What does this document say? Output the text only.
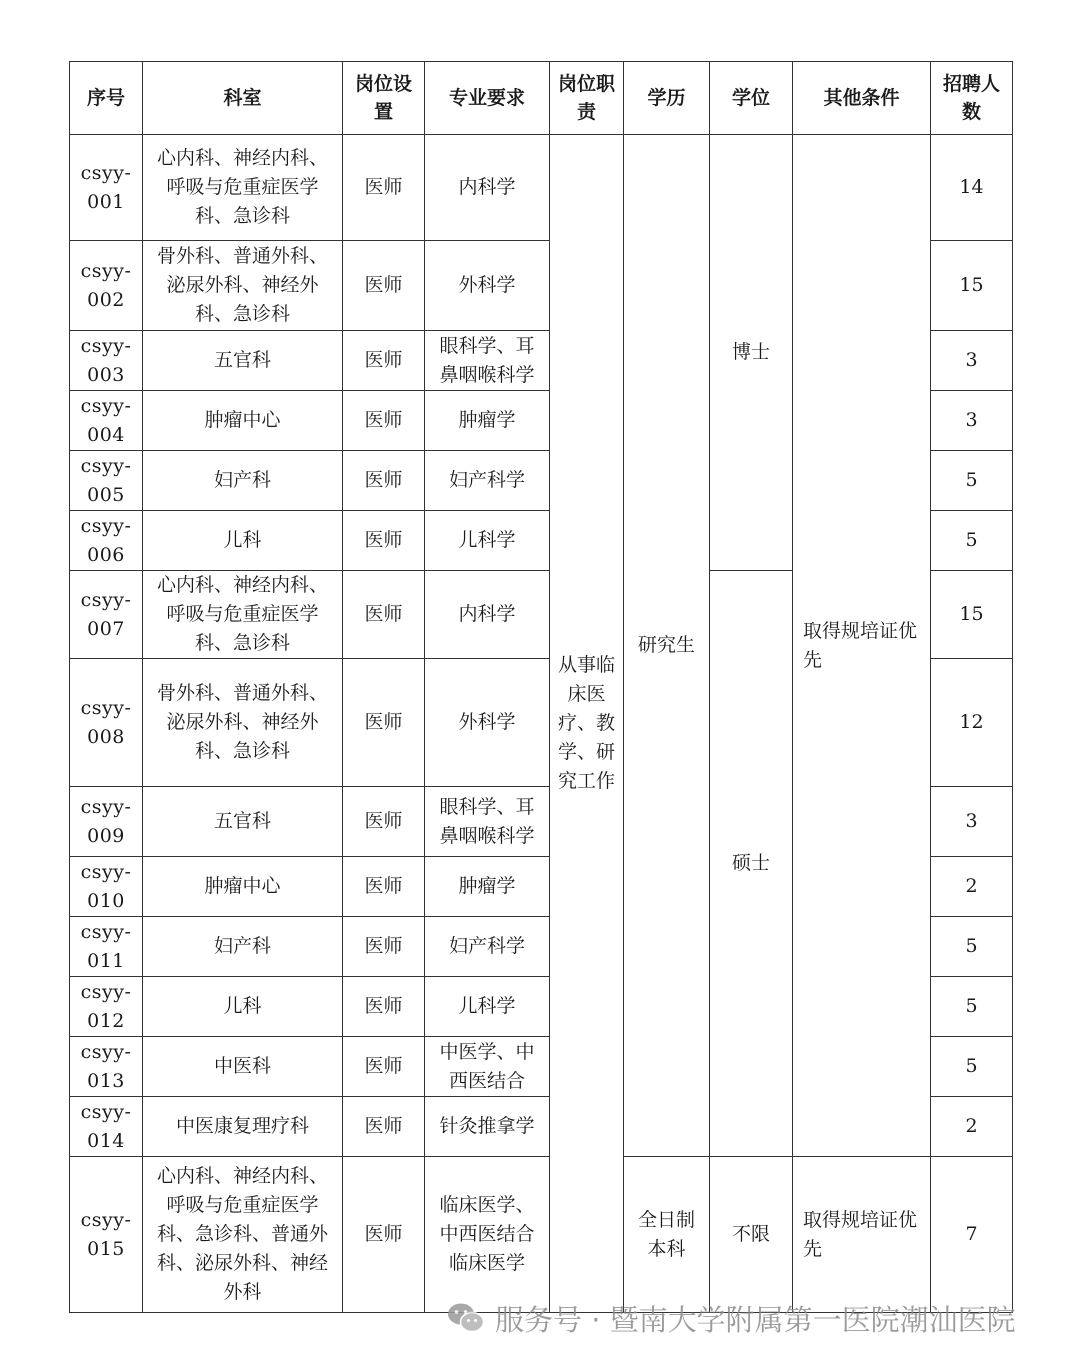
序号	科室	岗位设置	专业要求	岗位职责	学历	学位	其他条件	招聘人数
csyy-001	心内科、神经内科、呼吸与危重症医学科、急诊科	医师	内科学	从事临床医疗、教学、研究工作	研究生	博士	取得规培证优先	14
csyy-002	骨外科、普通外科、泌尿外科、神经外科、急诊科	医师	外科学					15
csyy-003	五官科	医师	眼科学、耳鼻咽喉科学					3
csyy-004	肿瘤中心	医师	肿瘤学					3
csyy-005	妇产科	医师	妇产科学					5
csyy-006	儿科	医师	儿科学					5
csyy-007	心内科、神经内科、呼吸与危重症医学科、急诊科	医师	内科学			硕士		15
csyy-008	骨外科、普通外科、泌尿外科、神经外科、急诊科	医师	外科学					12
csyy-009	五官科	医师	眼科学、耳鼻咽喉科学					3
csyy-010	肿瘤中心	医师	肿瘤学					2
csyy-011	妇产科	医师	妇产科学					5
csyy-012	儿科	医师	儿科学					5
csyy-013	中医科	医师	中医学、中西医结合					5
csyy-014	中医康复理疗科	医师	针灸推拿学					2
csyy-015	心内科、神经内科、呼吸与危重症医学科、急诊科、普通外科、泌尿外科、神经外科	医师	临床医学、中西医结合临床医学		全日制本科	不限	取得规培证优先	7
服务号 · 暨南大学附属第一医院潮汕医院
